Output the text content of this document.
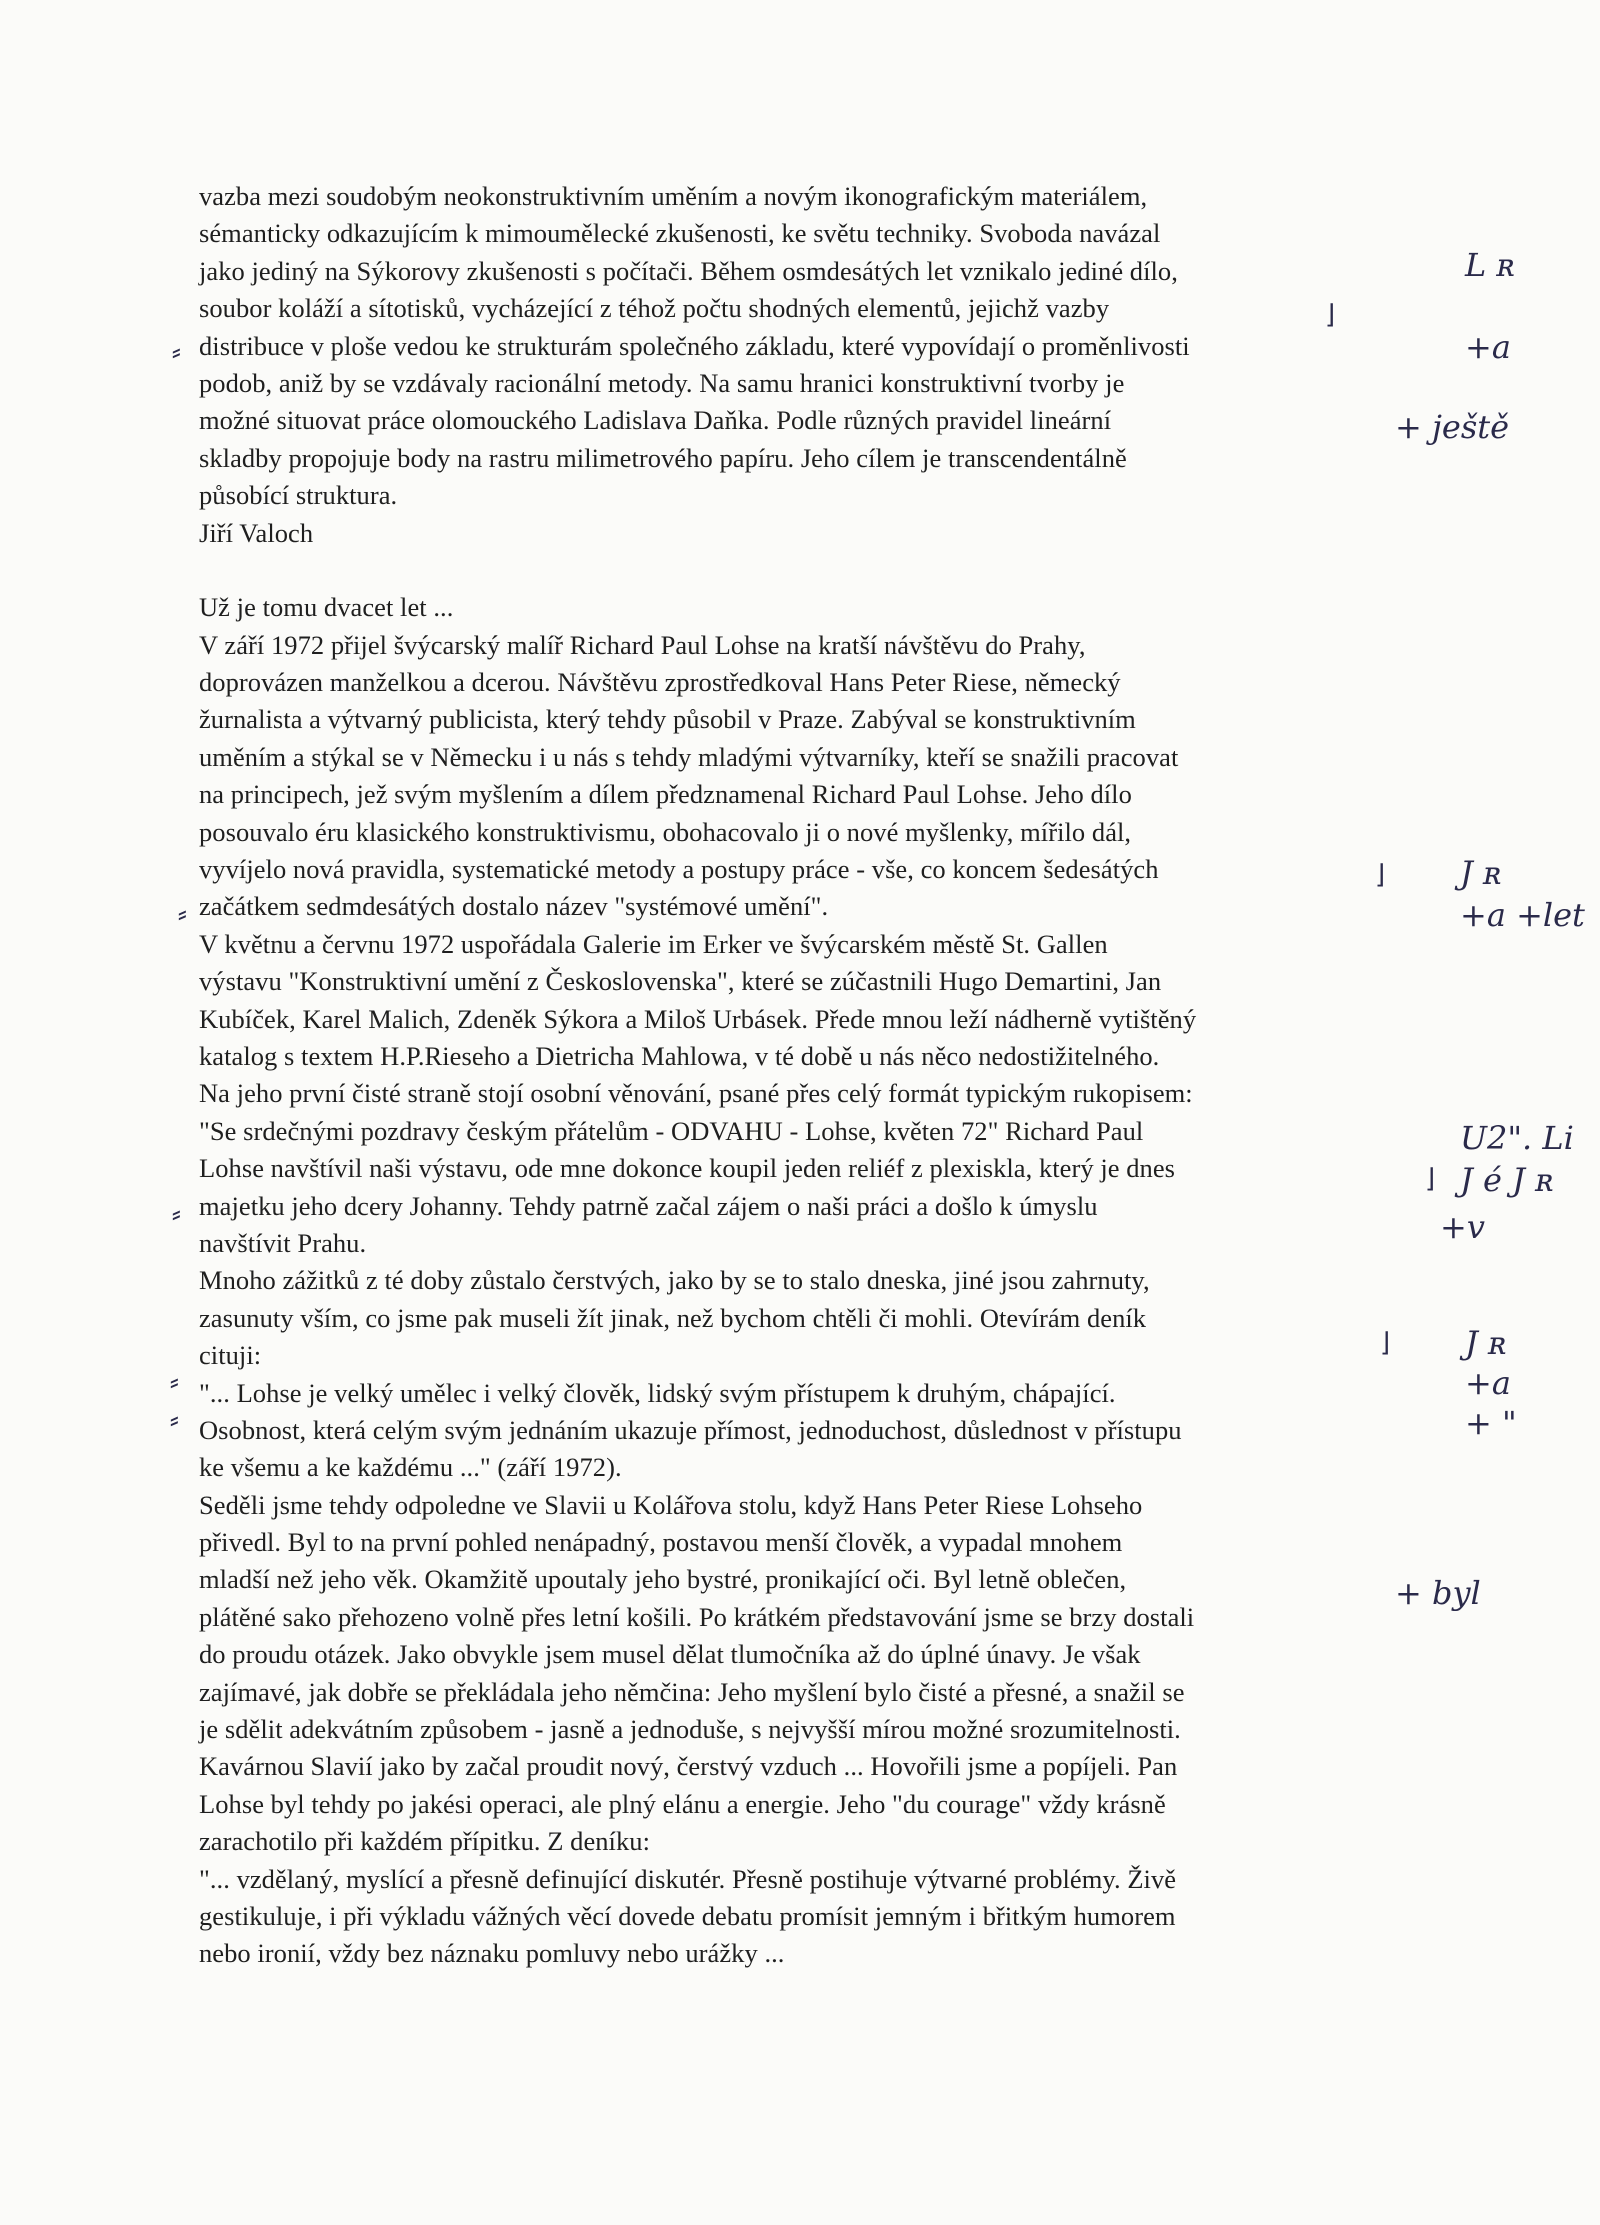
vazba mezi soudobým neokonstruktivním uměním a novým ikonografickým materiálem,
sémanticky odkazujícím k mimoumělecké zkušenosti, ke světu techniky. Svoboda navázal
jako jediný na Sýkorovy zkušenosti s počítači. Během osmdesátých let vznikalo jediné dílo,
soubor koláží a sítotisků, vycházející z téhož počtu shodných elementů, jejichž vazby
distribuce v ploše vedou ke strukturám společného základu, které vypovídají o proměnlivosti
podob, aniž by se vzdávaly racionální metody. Na samu hranici konstruktivní tvorby je
možné situovat práce olomouckého Ladislava Daňka. Podle různých pravidel lineární
skladby propojuje body na rastru milimetrového papíru. Jeho cílem je transcendentálně
působící struktura.
Jiří Valoch
Už je tomu dvacet let ...
V září 1972 přijel švýcarský malíř Richard Paul Lohse na kratší návštěvu do Prahy,
doprovázen manželkou a dcerou. Návštěvu zprostředkoval Hans Peter Riese, německý
žurnalista a výtvarný publicista, který tehdy působil v Praze. Zabýval se konstruktivním
uměním a stýkal se v Německu i u nás s tehdy mladými výtvarníky, kteří se snažili pracovat
na principech, jež svým myšlením a dílem předznamenal Richard Paul Lohse. Jeho dílo
posouvalo éru klasického konstruktivismu, obohacovalo ji o nové myšlenky, mířilo dál,
vyvíjelo nová pravidla, systematické metody a postupy práce - vše, co koncem šedesátých
začátkem sedmdesátých dostalo název "systémové umění".
V květnu a červnu 1972 uspořádala Galerie im Erker ve švýcarském městě St. Gallen
výstavu "Konstruktivní umění z Československa", které se zúčastnili Hugo Demartini, Jan
Kubíček, Karel Malich, Zdeněk Sýkora a Miloš Urbásek. Přede mnou leží nádherně vytištěný
katalog s textem H.P.Rieseho a Dietricha Mahlowa, v té době u nás něco nedostižitelného.
Na jeho první čisté straně stojí osobní věnování, psané přes celý formát typickým rukopisem:
"Se srdečnými pozdravy českým přátelům - ODVAHU - Lohse, květen 72" Richard Paul
Lohse navštívil naši výstavu, ode mne dokonce koupil jeden reliéf z plexiskla, který je dnes
majetku jeho dcery Johanny. Tehdy patrně začal zájem o naši práci a došlo k úmyslu
navštívit Prahu.
Mnoho zážitků z té doby zůstalo čerstvých, jako by se to stalo dneska, jiné jsou zahrnuty,
zasunuty vším, co jsme pak museli žít jinak, než bychom chtěli či mohli. Otevírám deník
cituji:
"... Lohse je velký umělec i velký člověk, lidský svým přístupem k druhým, chápající.
Osobnost, která celým svým jednáním ukazuje přímost, jednoduchost, důslednost v přístupu
ke všemu a ke každému ..." (září 1972).
Seděli jsme tehdy odpoledne ve Slavii u Kolářova stolu, když Hans Peter Riese Lohseho
přivedl. Byl to na první pohled nenápadný, postavou menší člověk, a vypadal mnohem
mladší než jeho věk. Okamžitě upoutaly jeho bystré, pronikající oči. Byl letně oblečen,
plátěné sako přehozeno volně přes letní košili. Po krátkém představování jsme se brzy dostali
do proudu otázek. Jako obvykle jsem musel dělat tlumočníka až do úplné únavy. Je však
zajímavé, jak dobře se překládala jeho němčina: Jeho myšlení bylo čisté a přesné, a snažil se
je sdělit adekvátním způsobem - jasně a jednoduše, s nejvyšší mírou možné srozumitelnosti.
Kavárnou Slavií jako by začal proudit nový, čerstvý vzduch ... Hovořili jsme a popíjeli. Pan
Lohse byl tehdy po jakési operaci, ale plný elánu a energie. Jeho "du courage" vždy krásně
zarachotilo při každém přípitku. Z deníku:
"... vzdělaný, myslící a přesně definující diskutér. Přesně postihuje výtvarné problémy. Živě
gestikuluje, i při výkladu vážných věcí dovede debatu promísit jemným i břitkým humorem
nebo ironií, vždy bez náznaku pomluvy nebo urážky ...
L ʀ
+a
+ ještě
J ʀ
+a +let
U2". Li
J é J ʀ
+v
J ʀ
+a
+ "
+ byl
⌋
⌋
⌋
⌋
⸗
⸗
⸗
⸗
⸗
